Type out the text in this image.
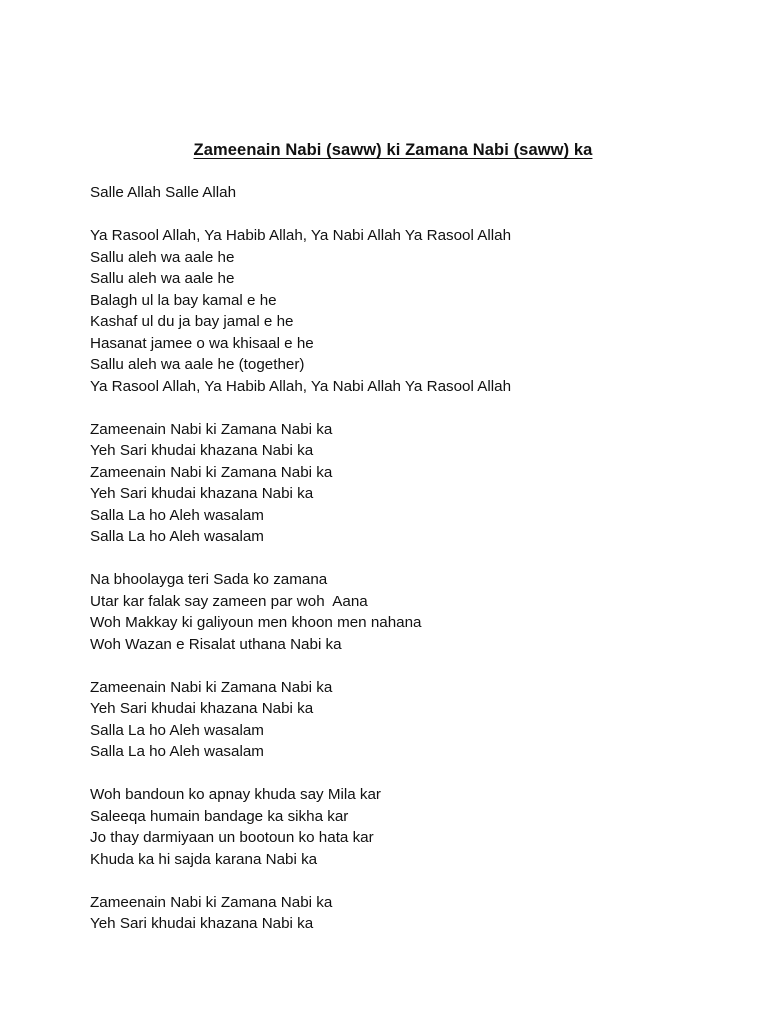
Zameenain Nabi (saww) ki Zamana Nabi (saww) ka
Salle Allah Salle Allah
Ya Rasool Allah, Ya Habib Allah, Ya Nabi Allah Ya Rasool Allah
Sallu aleh wa aale he
Sallu aleh wa aale he
Balagh ul la bay kamal e he
Kashaf ul du ja bay jamal e he
Hasanat jamee o wa khisaal e he
Sallu aleh wa aale he (together)
Ya Rasool Allah, Ya Habib Allah, Ya Nabi Allah Ya Rasool Allah
Zameenain Nabi ki Zamana Nabi ka
Yeh Sari khudai khazana Nabi ka
Zameenain Nabi ki Zamana Nabi ka
Yeh Sari khudai khazana Nabi ka
Salla La ho Aleh wasalam
Salla La ho Aleh wasalam
Na bhoolayga teri Sada ko zamana
Utar kar falak say zameen par woh  Aana
Woh Makkay ki galiyoun men khoon men nahana
Woh Wazan e Risalat uthana Nabi ka
Zameenain Nabi ki Zamana Nabi ka
Yeh Sari khudai khazana Nabi ka
Salla La ho Aleh wasalam
Salla La ho Aleh wasalam
Woh bandoun ko apnay khuda say Mila kar
Saleeqa humain bandage ka sikha kar
Jo thay darmiyaan un bootoun ko hata kar
Khuda ka hi sajda karana Nabi ka
Zameenain Nabi ki Zamana Nabi ka
Yeh Sari khudai khazana Nabi ka
